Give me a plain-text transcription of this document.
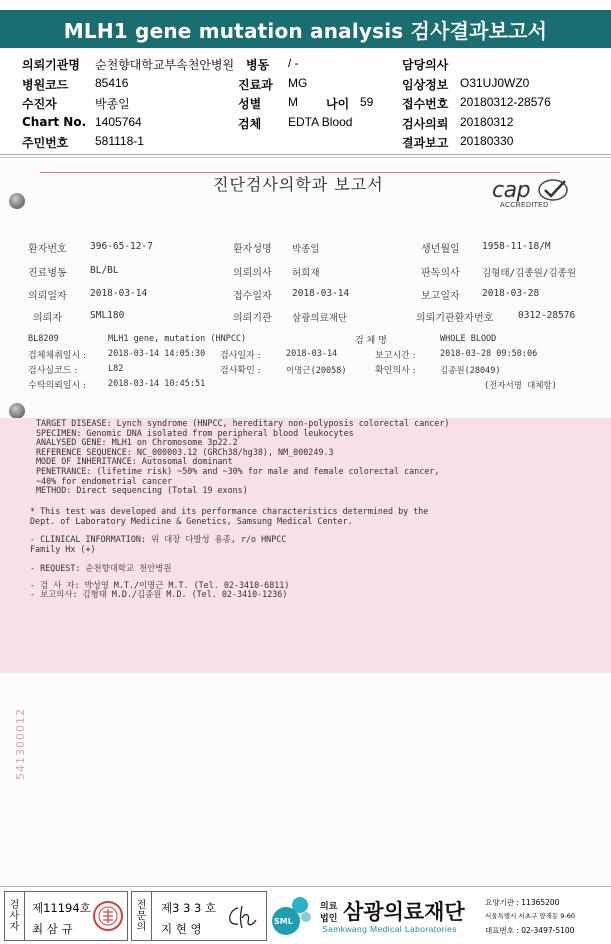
MLH1 gene mutation analysis 검사결과보고서
의뢰기관명 순천향대학교부속천안병원
병원코드 85416
수진자	박종일
Chart No. 1405764
주민번호 581118-1
병동 / -
진료과 MG
성별 M 나이 59
검체 EDTA Blood
담당의사
임상정보 O31UJ0WZ0
접수번호 20180312-28576
검사의뢰 20180312
결과보고 20180330
진단검사의학과 보고서	cap
ACCREDITED
환자번호 396-65-12-7	환자성명 박종일	생년월일 1958-11-18/M
진료병동 BL/BL	의뢰의사 허희재	판독의사 김형태/김종원/김종원
의뢰일자 2018-03-14	접수일자 2018-03-14	보고일자 2018-03-28
의뢰자	SML180	의뢰기관 삼광의료재단	의뢰기관환자번호	0312-28576
BL8209	MLH1 gene, mutation (HNPCC)	검 체 명	WHOLE BLOOD
검체채취일시 :	2018-03-14 14:05:30 검사일자 :	2018-03-14	보고시간 :	2018-03-28 09:50:06
검사실코드 :	L82	검사확인 :	이명근(20058)	확인의사 :	김종원(28049)
수탁의뢰일시 :	2018-03-14 10:45:51	(전자서명 대체함)
TARGET DISEASE: Lynch syndrome (HNPCC, hereditary non-polyposis colorectal cancer)
SPECIMEN: Genomic DNA isolated from peripheral blood leukocytes
ANALYSED GENE: MLH1 on Chromosome 3p22.2
REFERENCE SEQUENCE: NC_000003.12 (GRCh38/hg38), NM_000249.3
MODE OF INHERITANCE: Autosomal dominant
PENETRANCE: (lifetime risk) ~50% and ~30% for male and female colorectal cancer,
~40% for endometrial cancer
METHOD: Direct sequencing (Total 19 exons)
* This test was developed and its performance characteristics determined by the
Dept. of Laboratory Medicine & Genetics, Samsung Medical Center.
- CLINICAL INFORMATION: 위 대장 다발성 용종, r/o HNPCC
Family Hx (+)
- REQUEST: 순천향대학교 천안병원
- 검 사 자: 박성영 M.T./이명근 M.T. (Tel. 02-3410-6811)
- 보고의사: 김형태 M.D./김종원 M.D. (Tel. 02-3410-1236)
541300012
검
사
자
제11194호
최 삼 규
전
문
의
제3 3 3 호
지 현 영
SML
의료
법인 삼광의료재단
Samkwang Medical Laboratories
요양기관 : 11365200
서울특별시 서초구 양재동 9-60
대표번호 : 02-3497-5100
